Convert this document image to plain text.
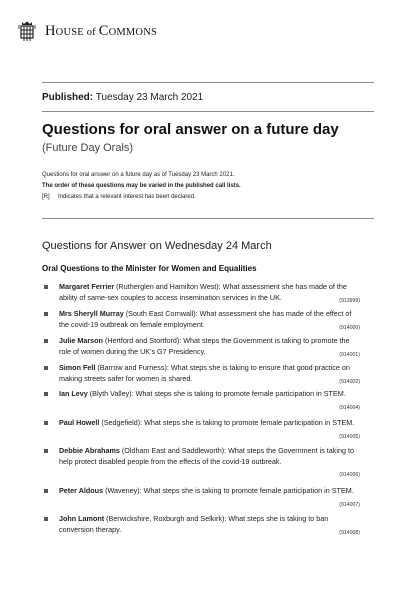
HOUSE of COMMONS
Published: Tuesday 23 March 2021
Questions for oral answer on a future day
(Future Day Orals)
Questions for oral answer on a future day as of Tuesday 23 March 2021.
The order of these questions may be varied in the published call lists.
[R] Indicates that a relevant interest has been declared.
Questions for Answer on Wednesday 24 March
Oral Questions to the Minister for Women and Equalities
Margaret Ferrier (Rutherglen and Hamilton West): What assessment she has made of the ability of same-sex couples to access insemination services in the UK.	(913999)
Mrs Sheryll Murray (South East Cornwall): What assessment she has made of the effect of the covid-19 outbreak on female employment.	(914000)
Julie Marson (Hertford and Stortford): What steps the Government is taking to promote the role of women during the UK's G7 Presidency.	(914001)
Simon Fell (Barrow and Furness): What steps she is taking to ensure that good practice on making streets safer for women is shared.	(914002)
Ian Levy (Blyth Valley): What steps she is taking to promote female participation in STEM.
(914004)
Paul Howell (Sedgefield): What steps she is taking to promote female participation in STEM.
(914005)
Debbie Abrahams (Oldham East and Saddleworth): What steps the Government is taking to help protect disabled people from the effects of the covid-19 outbreak.
(914006)
Peter Aldous (Waveney): What steps she is taking to promote female participation in STEM.
(914007)
John Lamont (Berwickshire, Roxburgh and Selkirk): What steps she is taking to ban conversion therapy.	(914008)
